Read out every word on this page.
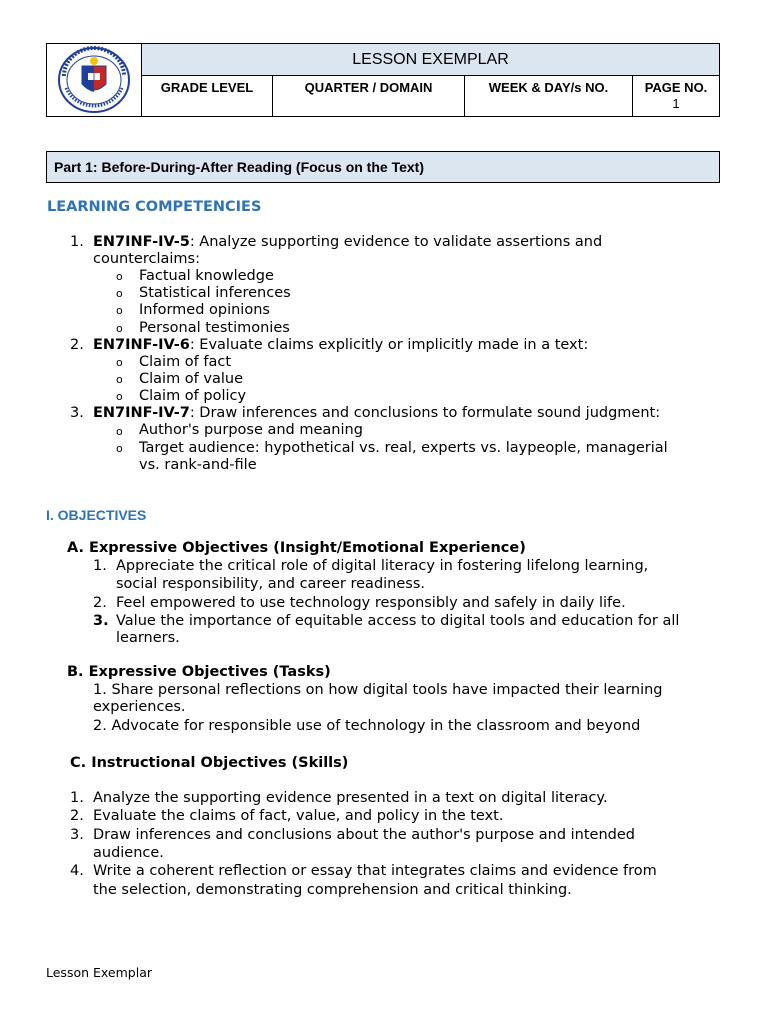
LESSON EXEMPLAR
GRADE LEVEL	QUARTER / DOMAIN	WEEK & DAY/s NO.	PAGE NO.
1
Part 1: Before-During-After Reading (Focus on the Text)
LEARNING COMPETENCIES
1. EN7INF-IV-5: Analyze supporting evidence to validate assertions and
counterclaims:
o Factual knowledge
o Statistical inferences
o Informed opinions
o Personal testimonies
2. EN7INF-IV-6: Evaluate claims explicitly or implicitly made in a text:
o Claim of fact
o Claim of value
o Claim of policy
3. EN7INF-IV-7: Draw inferences and conclusions to formulate sound judgment:
o Author's purpose and meaning
o Target audience: hypothetical vs. real, experts vs. laypeople, managerial
vs. rank-and-file
I. OBJECTIVES
A. Expressive Objectives (Insight/Emotional Experience)
1. Appreciate the critical role of digital literacy in fostering lifelong learning,
social responsibility, and career readiness.
2. Feel empowered to use technology responsibly and safely in daily life.
3. Value the importance of equitable access to digital tools and education for all
learners.
B. Expressive Objectives (Tasks)
1. Share personal reflections on how digital tools have impacted their learning
experiences.
2. Advocate for responsible use of technology in the classroom and beyond
C. Instructional Objectives (Skills)
1. Analyze the supporting evidence presented in a text on digital literacy.
2. Evaluate the claims of fact, value, and policy in the text.
3. Draw inferences and conclusions about the author's purpose and intended
audience.
4. Write a coherent reflection or essay that integrates claims and evidence from
the selection, demonstrating comprehension and critical thinking.
Lesson Exemplar
